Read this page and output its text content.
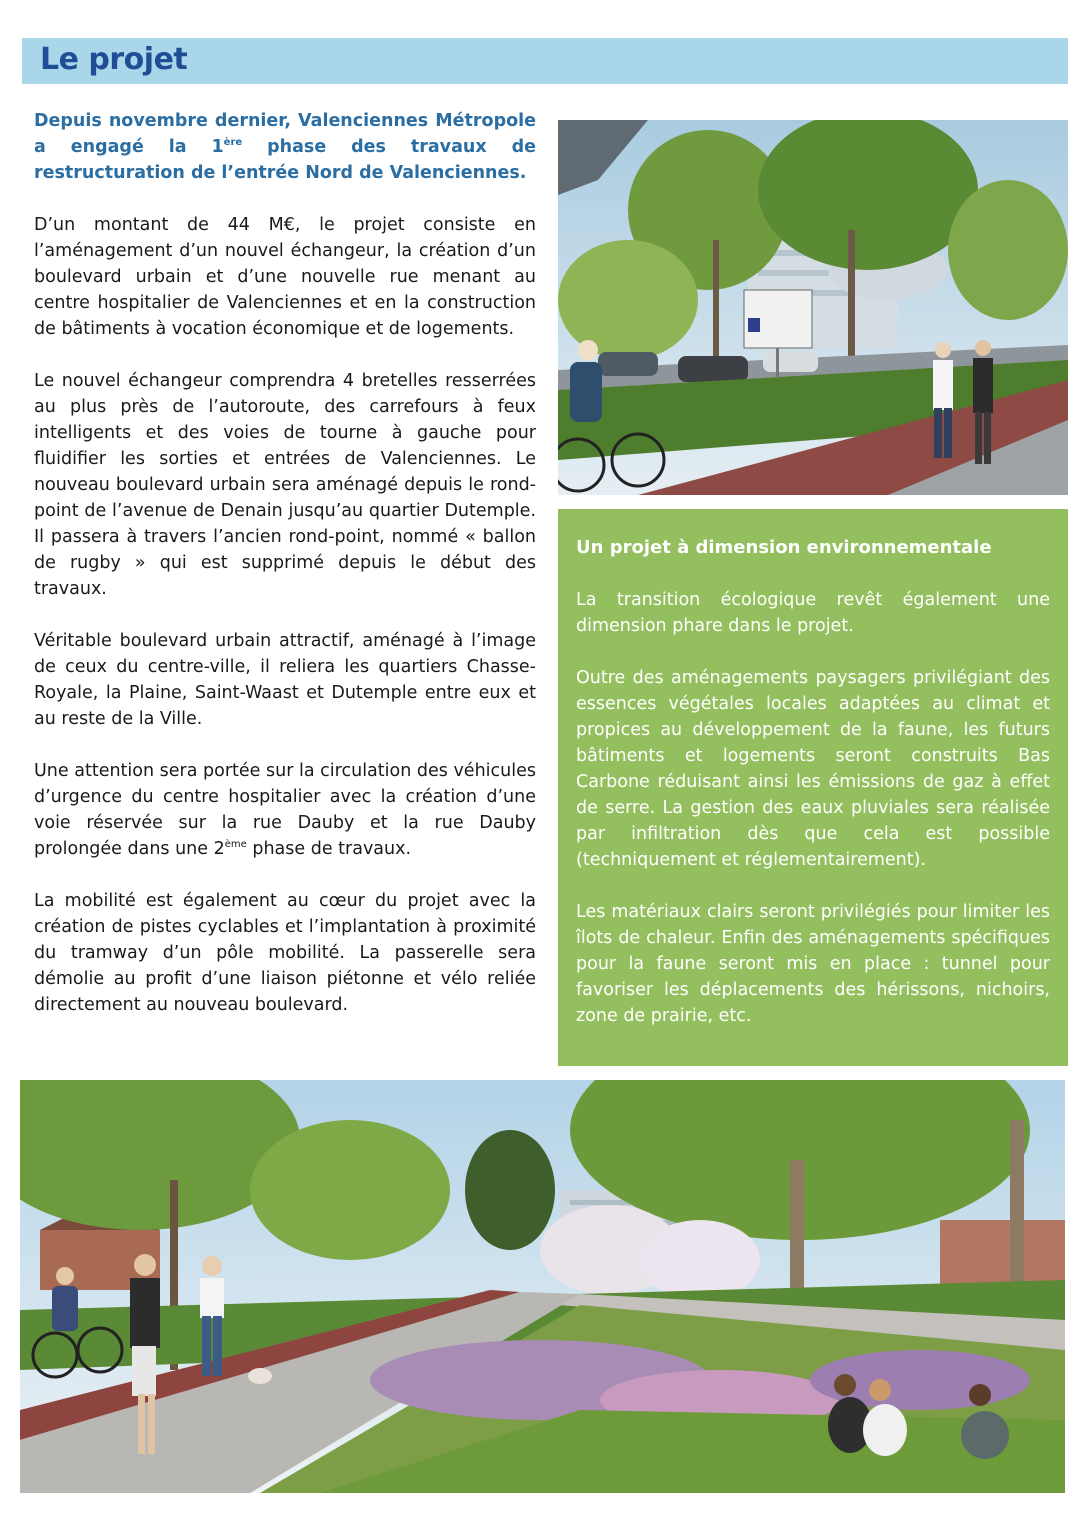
Le projet

Depuis novembre dernier, Valenciennes Métropole a engagé la 1ère phase des travaux de restructuration de l’entrée Nord de Valenciennes.

D’un montant de 44 M€, le projet consiste en l’aménagement d’un nouvel échangeur, la création d’un boulevard urbain et d’une nouvelle rue menant au centre hospitalier de Valenciennes et en la construction de bâtiments à vocation économique et de logements.

Le nouvel échangeur comprendra 4 bretelles resserrées au plus près de l’autoroute, des carrefours à feux intelligents et des voies de tourne à gauche pour fluidifier les sorties et entrées de Valenciennes. Le nouveau boulevard urbain sera aménagé depuis le rond-point de l’avenue de Denain jusqu’au quartier Dutemple. Il passera à travers l’ancien rond-point, nommé « ballon de rugby » qui est supprimé depuis le début des travaux.

Véritable boulevard urbain attractif, aménagé à l’image de ceux du centre-ville, il reliera les quartiers Chasse-Royale, la Plaine, Saint-Waast et Dutemple entre eux et au reste de la Ville.

Une attention sera portée sur la circulation des véhicules d’urgence du centre hospitalier avec la création d’une voie réservée sur la rue Dauby et la rue Dauby prolongée dans une 2ème phase de travaux.

La mobilité est également au cœur du projet avec la création de pistes cyclables et l’implantation à proximité du tramway d’un pôle mobilité. La passerelle sera démolie au profit d’une liaison piétonne et vélo reliée directement au nouveau boulevard.

Un projet à dimension environnementale

La transition écologique revêt également une dimension phare dans le projet.

Outre des aménagements paysagers privilégiant des essences végétales locales adaptées au climat et propices au développement de la faune, les futurs bâtiments et logements seront construits Bas Carbone réduisant ainsi les émissions de gaz à effet de serre. La gestion des eaux pluviales sera réalisée par infiltration dès que cela est possible (techniquement et réglementairement).

Les matériaux clairs seront privilégiés pour limiter les îlots de chaleur. Enfin des aménagements spécifiques pour la faune seront mis en place : tunnel pour favoriser les déplacements des hérissons, nichoirs, zone de prairie, etc.
